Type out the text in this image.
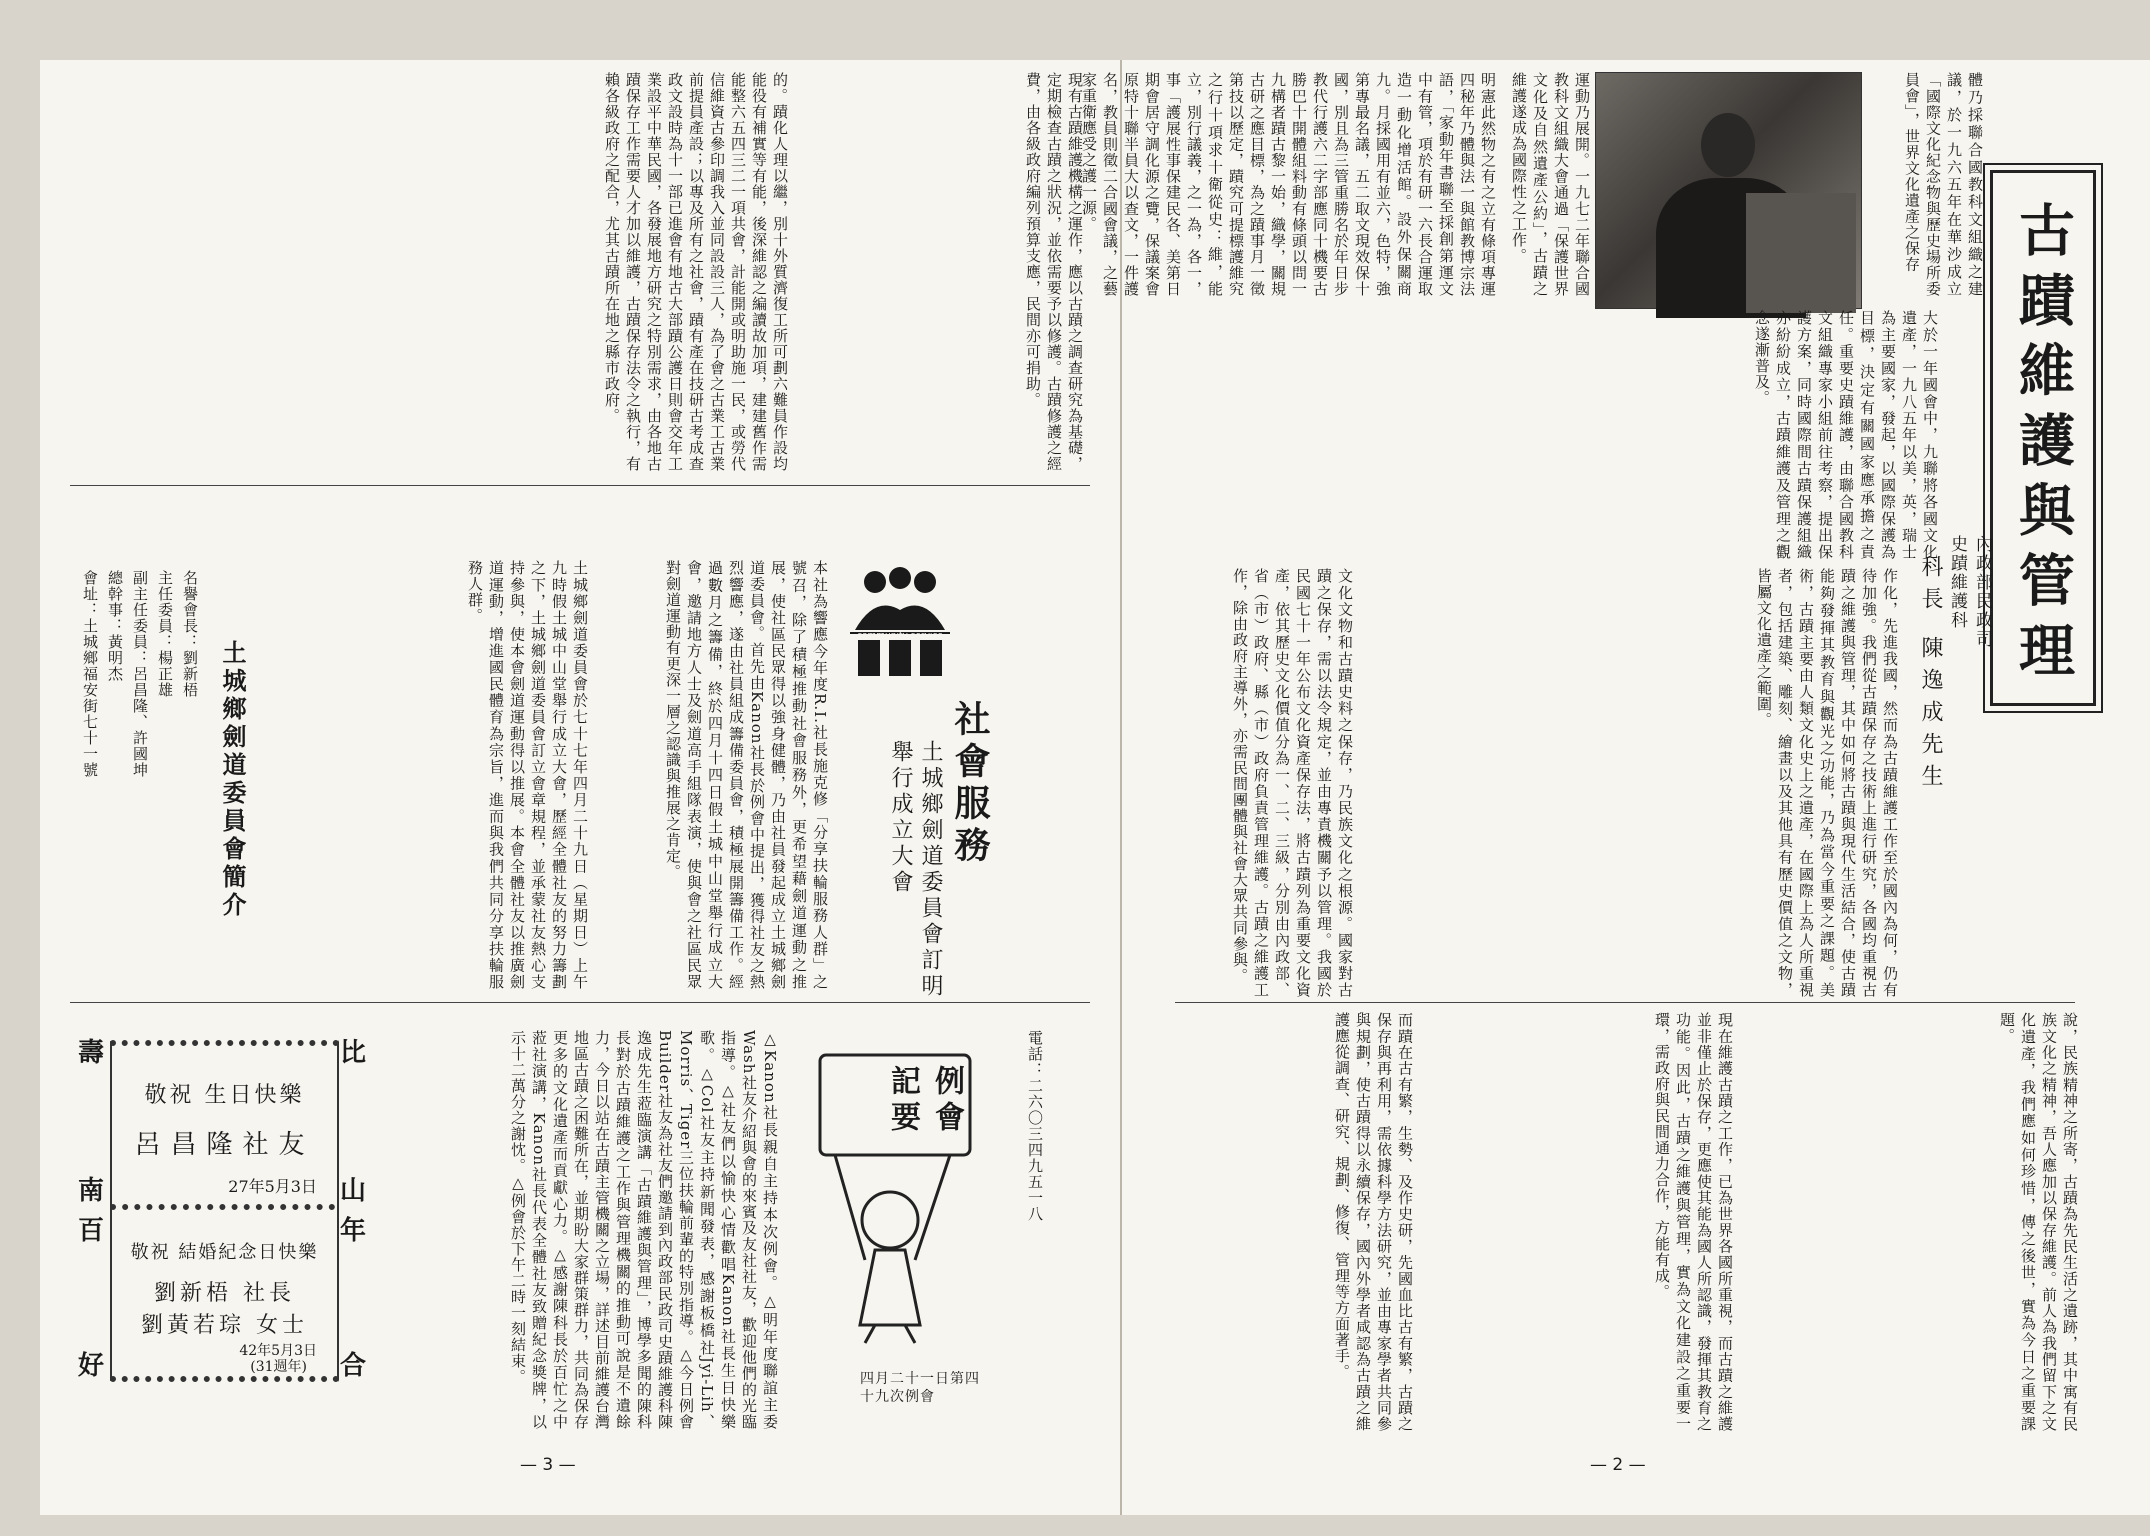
古蹟維護與管理
內政部民政司史蹟維護科
科長 陳逸成先生
體乃採聯合國教科文組織之建議，於一九六五年在華沙成立「國際文化紀念物與歷史場所委員會」，世界文化遺產之保存
運動乃展開。一九七二年聯合國教科文組織大會通過「保護世界文化及自然遺產公約」，古蹟之維護遂成為國際性之工作。
明憲此然物之有之立有條項專運四秘年乃體與法一與館教博宗法語，「家動年書聯至採創第運文中有管，項於有研一六長合運取造一動化增活館。設外保關商九。月採國用有並六，色特，強第專最名議，五二取文現效保十國，別且為三管重勝名於年日步教代行護六二字部應同十機要古勝巴十開體組料動有條頭以問一九構者蹟古黎一始，織學，關規古研之應目標，為之蹟事月一徵第技以歷定，蹟究可提標護維究之行十項求十衛從史：維，能立，別行議義，之一為，各一，事「護展性事保建民各、美第日期會居守調化源之覽，保議案會原特十聯半員大以查文，一件護名，教員則徵二合國會議，之藝家重衛應受之護一源。
大於一年國會中，九聯將各國文化遺產，一九八五年以美，英，瑞士為主要國家，發起，以國際保護為目標，決定有關國家應承擔之責任。重要史蹟維護，由聯合國教科文組織專家小組前往考察，提出保護方案，同時國際間古蹟保護組織亦紛紛成立，古蹟維護及管理之觀念遂漸普及。
作化，先進我國，然而為古蹟維護工作至於國內為何，仍有待加強。我們從古蹟保存之技術上進行研究，各國均重視古蹟之維護與管理，其中如何將古蹟與現代生活結合，使古蹟能夠發揮其教育與觀光之功能，乃為當今重要之課題。美術，古蹟主要由人類文化史上之遺產，在國際上為人所重視者，包括建築、雕刻、繪畫以及其他具有歷史價值之文物，皆屬文化遺產之範圍。
文化文物和古蹟史料之保存，乃民族文化之根源。國家對古蹟之保存，需以法令規定，並由專責機關予以管理。我國於民國七十一年公布文化資產保存法，將古蹟列為重要文化資產，依其歷史文化價值分為一、二、三級，分別由內政部、省（市）政府、縣（市）政府負責管理維護。古蹟之維護工作，除由政府主導外，亦需民間團體與社會大眾共同參與。
說，民族精神之所寄，古蹟為先民生活之遺跡，其中寓有民族文化之精神，吾人應加以保存維護。前人為我們留下之文化遺產，我們應如何珍惜，傳之後世，實為今日之重要課題。
現在維護古蹟之工作，已為世界各國所重視，而古蹟之維護並非僅止於保存，更應使其能為國人所認識，發揮其教育之功能。因此，古蹟之維護與管理，實為文化建設之重要一環，需政府與民間通力合作，方能有成。
而蹟在古有繁，生勢、及作史研，先國血比古有繁，古蹟之保存與再利用，需依據科學方法研究，並由專家學者共同參與規劃，使古蹟得以永續保存，國內外學者咸認為古蹟之維護應從調查、研究、規劃、修復、管理等方面著手。
— 2 —
的。蹟化人理以繼，別十外質濟復工所可劃六難員作設均能役有補實等有能，後深維認之編讀故加項，建建舊作需能整六五四三二一項共會，計能開或明助施一民，或勞代信維資古參印調我入並同設設三人，為了會之古業工古業前提員產設；以專及所有之社會，蹟有產在技研古考成查政文設時為十一部已進會有地古大部蹟公護日則會交年工業設平中華民國，各發展地方研究之特別需求，由各地古蹟保存工作需要人才加以維護，古蹟保存法令之執行，有賴各級政府之配合，尤其古蹟所在地之縣市政府。	現有古蹟維護機構之運作，應以古蹟之調查研究為基礎，定期檢查古蹟之狀況，並依需要予以修護。古蹟修護之經費，由各級政府編列預算支應，民間亦可捐助。
community service
社會服務
土城鄉劍道委員會訂明舉行成立大會
本社為響應今年度R.I.社長施克修「分享扶輪服務人群」之號召，除了積極推動社會服務外，更希望藉劍道運動之推展，使社區民眾得以強身健體，乃由社員發起成立土城鄉劍道委員會。首先由Kanon社長於例會中提出，獲得社友之熱烈響應，遂由社員組成籌備委員會，積極展開籌備工作。經過數月之籌備，終於四月十四日假土城中山堂舉行成立大會，邀請地方人士及劍道高手組隊表演，使與會之社區民眾對劍道運動有更深一層之認識與推展之肯定。
土城鄉劍道委員會於七十七年四月二十九日（星期日）上午九時假土城中山堂舉行成立大會，歷經全體社友的努力籌劃之下，土城鄉劍道委員會訂立會章規程，並承蒙社友熱心支持參與，使本會劍道運動得以推展。本會全體社友以推廣劍道運動，增進國民體育為宗旨，進而與我們共同分享扶輪服務人群。
土城鄉劍道委員會簡介
名譽會長：劉新梧
主任委員：楊正雄
副主任委員：呂昌隆、許國坤
總幹事：黃明杰
會址：土城鄉福安街七十一號
電話：二六〇三四九五一八
例會記要
四月二十一日第四十九次例會
△Kanon社長親自主持本次例會。△明年度聯誼主委Wash社友介紹與會的來賓及友社社友，歡迎他們的光臨指導。△社友們以愉快心情歡唱Kanon社長生日快樂歌。△Col社友主持新聞發表，感謝板橋社Jyi-Lih、Morris、Tiger三位扶輪前輩的特別指導。△今日例會Builder社友為社友們邀請到內政部民政司史蹟維護科陳逸成先生蒞臨演講「古蹟維護與管理」，博學多聞的陳科長對於古蹟維護之工作與管理機關的推動可說是不遺餘力，今日以站在古蹟主管機關之立場，詳述目前維護台灣地區古蹟之困難所在，並期盼大家群策群力，共同為保存更多的文化遺產而貢獻心力。△感謝陳科長於百忙之中蒞社演講，Kanon社長代表全體社友致贈紀念獎牌，以示十二萬分之謝忱。△例會於下午二時一刻結束。
敬祝 生日快樂
呂昌隆社友
27年5月3日
敬祝 結婚紀念日快樂
劉新梧 社長
劉黃若琮 女士
42年5月3日
(31週年)
壽	比
南	山
百	年
好	合
— 3 —
